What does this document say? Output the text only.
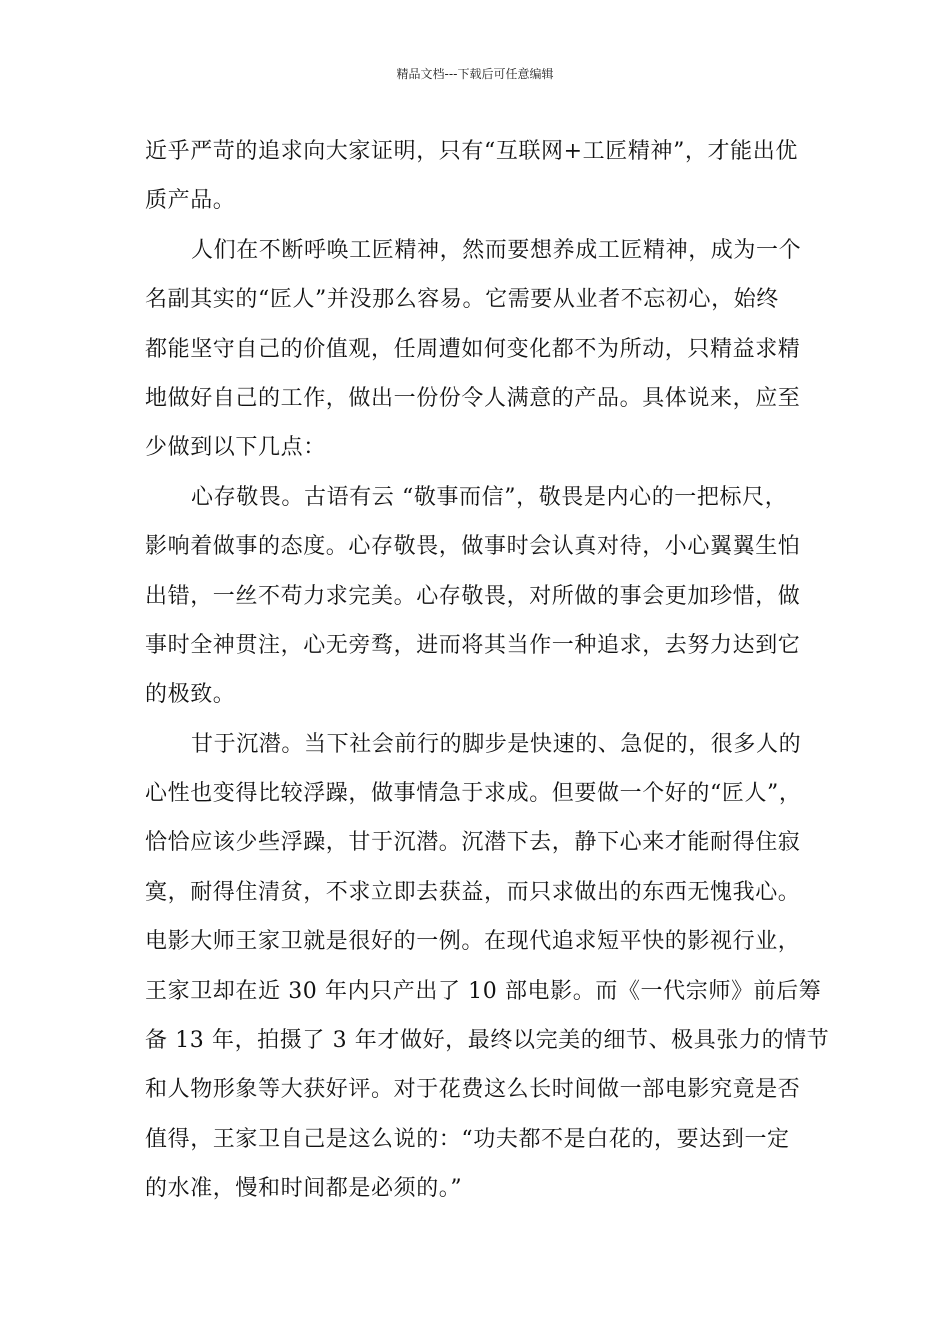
精品文档---下载后可任意编辑
近乎严苛的追求向大家证明，只有“互联网+工匠精神”，才能出优
质产品。
人们在不断呼唤工匠精神，然而要想养成工匠精神，成为一个
名副其实的“匠人”并没那么容易。它需要从业者不忘初心，始终
都能坚守自己的价值观，任周遭如何变化都不为所动，只精益求精
地做好自己的工作，做出一份份令人满意的产品。具体说来，应至
少做到以下几点：
心存敬畏。古语有云 “敬事而信”，敬畏是内心的一把标尺，
影响着做事的态度。心存敬畏，做事时会认真对待，小心翼翼生怕
出错，一丝不苟力求完美。心存敬畏，对所做的事会更加珍惜，做
事时全神贯注，心无旁骛，进而将其当作一种追求，去努力达到它
的极致。
甘于沉潜。当下社会前行的脚步是快速的、急促的，很多人的
心性也变得比较浮躁，做事情急于求成。但要做一个好的“匠人”，
恰恰应该少些浮躁，甘于沉潜。沉潜下去，静下心来才能耐得住寂
寞，耐得住清贫，不求立即去获益，而只求做出的东西无愧我心。
电影大师王家卫就是很好的一例。在现代追求短平快的影视行业，
王家卫却在近 30 年内只产出了 10 部电影。而《一代宗师》前后筹
备 13 年，拍摄了 3 年才做好，最终以完美的细节、极具张力的情节
和人物形象等大获好评。对于花费这么长时间做一部电影究竟是否
值得，王家卫自己是这么说的：“功夫都不是白花的，要达到一定
的水准，慢和时间都是必须的。”
